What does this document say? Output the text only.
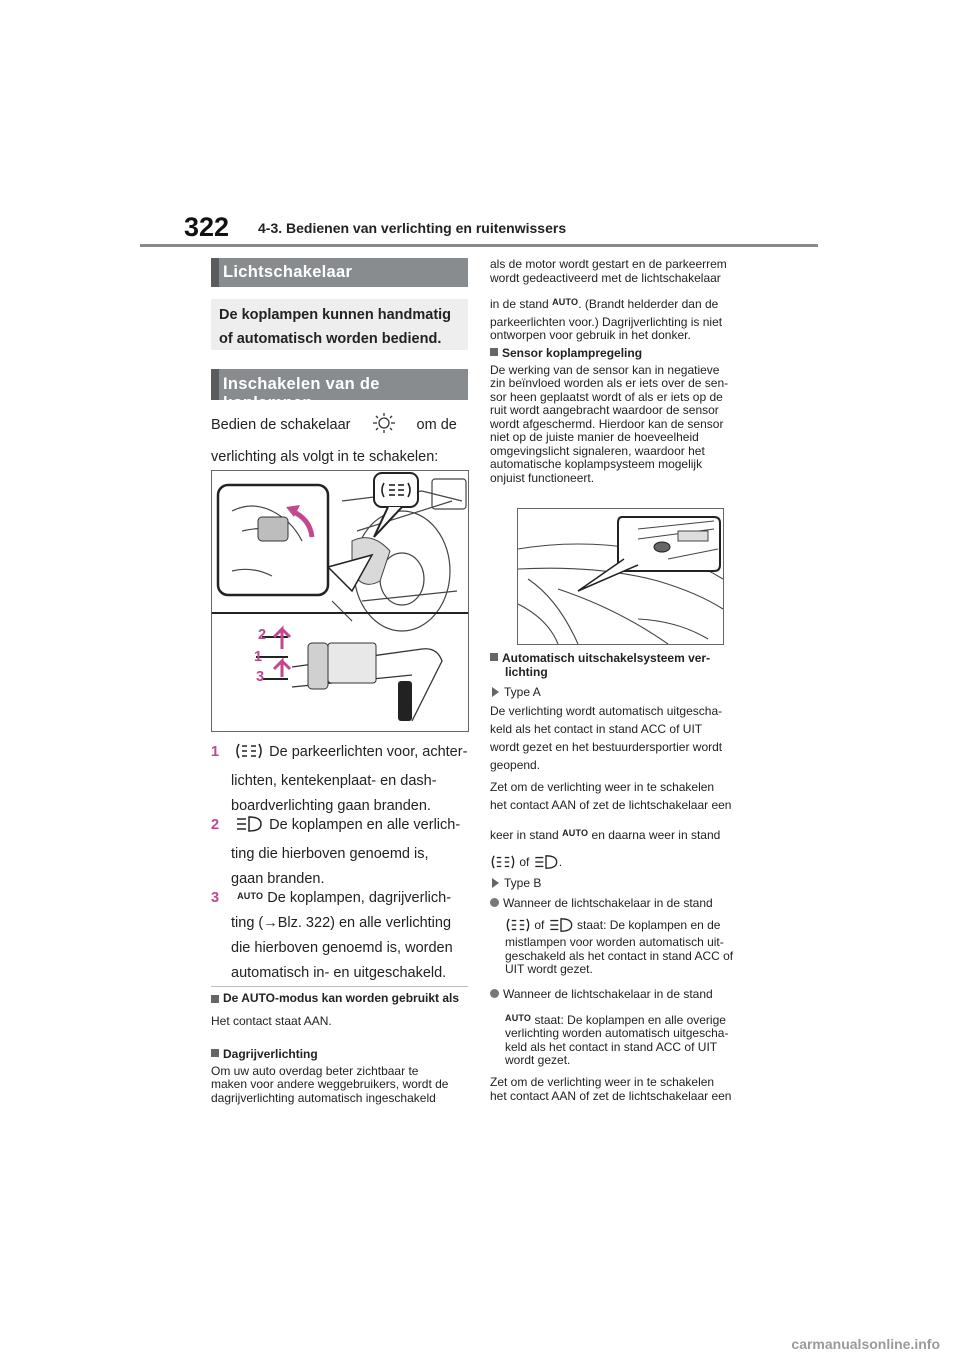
322 4-3. Bedienen van verlichting en ruitenwissers
Lichtschakelaar
De koplampen kunnen handmatig of automatisch worden bediend.
Inschakelen van de koplampen
Bedien de schakelaar	om de
verlichting als volgt in te schakelen:
2
1
3
1	De parkeerlichten voor, achter-
lichten, kentekenplaat- en dash-
boardverlichting gaan branden.
2	De koplampen en alle verlich-
ting die hierboven genoemd is,
gaan branden.
3 $^{AUTO}$ De koplampen, dagrijverlich-
ting (→Blz. 322) en alle verlichting
die hierboven genoemd is, worden
automatisch in- en uitgeschakeld.
De AUTO-modus kan worden gebruikt als
Het contact staat AAN.
Dagrijverlichting
Om uw auto overdag beter zichtbaar te
maken voor andere weggebruikers, wordt de
dagrijverlichting automatisch ingeschakeld
als de motor wordt gestart en de parkeerrem
wordt gedeactiveerd met de lichtschakelaar
in de stand $^{AUTO}$. (Brandt helderder dan de
parkeerlichten voor.) Dagrijverlichting is niet
ontworpen voor gebruik in het donker.
Sensor koplampregeling
De werking van de sensor kan in negatieve
zin beïnvloed worden als er iets over de sen-
sor heen geplaatst wordt of als er iets op de
ruit wordt aangebracht waardoor de sensor
wordt afgeschermd. Hierdoor kan de sensor
niet op de juiste manier de hoeveelheid
omgevingslicht signaleren, waardoor het
automatische koplampsysteem mogelijk
onjuist functioneert.
Automatisch uitschakelsysteem ver-
lichting
Type A
De verlichting wordt automatisch uitgescha-
keld als het contact in stand ACC of UIT
wordt gezet en het bestuurdersportier wordt
geopend.
Zet om de verlichting weer in te schakelen
het contact AAN of zet de lichtschakelaar een
keer in stand $^{AUTO}$ en daarna weer in stand
of .
Type B
Wanneer de lichtschakelaar in de stand
of	staat: De koplampen en de
mistlampen voor worden automatisch uit-
geschakeld als het contact in stand ACC of
UIT wordt gezet.
Wanneer de lichtschakelaar in de stand
$^{AUTO}$ staat: De koplampen en alle overige
verlichting worden automatisch uitgescha-
keld als het contact in stand ACC of UIT
wordt gezet.
Zet om de verlichting weer in te schakelen
het contact AAN of zet de lichtschakelaar een
carmanualsonline.info
